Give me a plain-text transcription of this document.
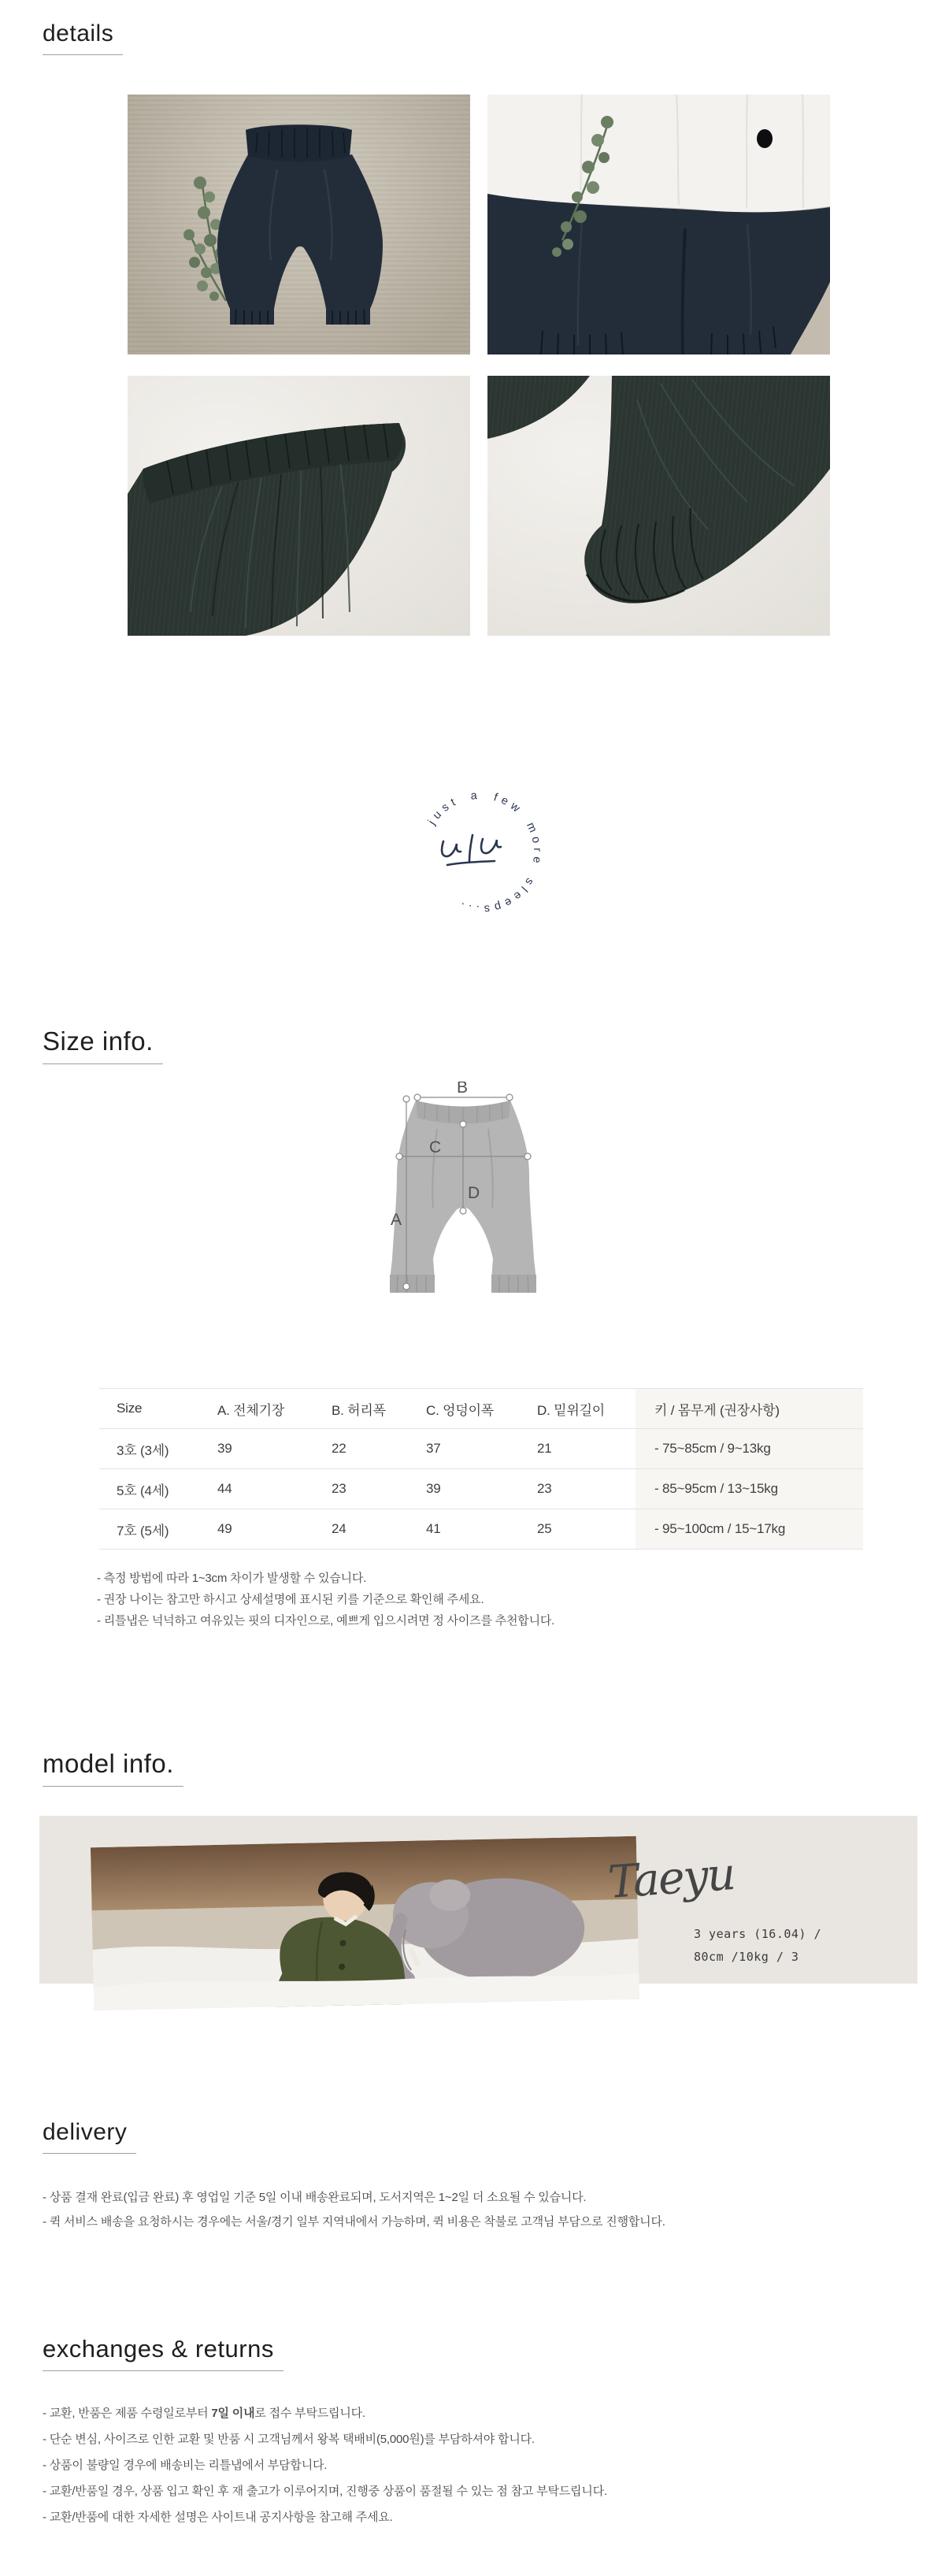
details
just a few more sleeps...
Size info.
A
B
C
D
Size	A. 전체기장	B. 허리폭	C. 엉덩이폭	D. 밑위길이	키 / 몸무게 (권장사항)
3호 (3세)	39	22	37	21	- 75~85cm / 9~13kg
5호 (4세)	44	23	39	23	- 85~95cm / 13~15kg
7호 (5세)	49	24	41	25	- 95~100cm / 15~17kg
- 측정 방법에 따라 1~3cm 차이가 발생할 수 있습니다.
- 권장 나이는 참고만 하시고 상세설명에 표시된 키를 기준으로 확인해 주세요.
- 리틀냅은 넉넉하고 여유있는 핏의 디자인으로, 예쁘게 입으시려면 정 사이즈를 추천합니다.
model info.
Taeyu
3 years (16.04) /
80cm /10kg / 3
delivery
- 상품 결재 완료(입금 완료) 후 영업일 기준 5일 이내 배송완료되며, 도서지역은 1~2일 더 소요될 수 있습니다.
- 퀵 서비스 배송을 요청하시는 경우에는 서울/경기 일부 지역내에서 가능하며, 퀵 비용은 착불로 고객님 부담으로 진행합니다.
exchanges & returns
- 교환, 반품은 제품 수령일로부터 7일 이내로 접수 부탁드립니다.
- 단순 변심, 사이즈로 인한 교환 및 반품 시 고객님께서 왕복 택배비(5,000원)를 부담하셔야 합니다.
- 상품이 불량일 경우에 배송비는 리틀냅에서 부담합니다.
- 교환/반품일 경우, 상품 입고 확인 후 재 출고가 이루어지며, 진행중 상품이 품절될 수 있는 점 참고 부탁드립니다.
- 교환/반품에 대한 자세한 설명은 사이트내 공지사항을 참고해 주세요.
